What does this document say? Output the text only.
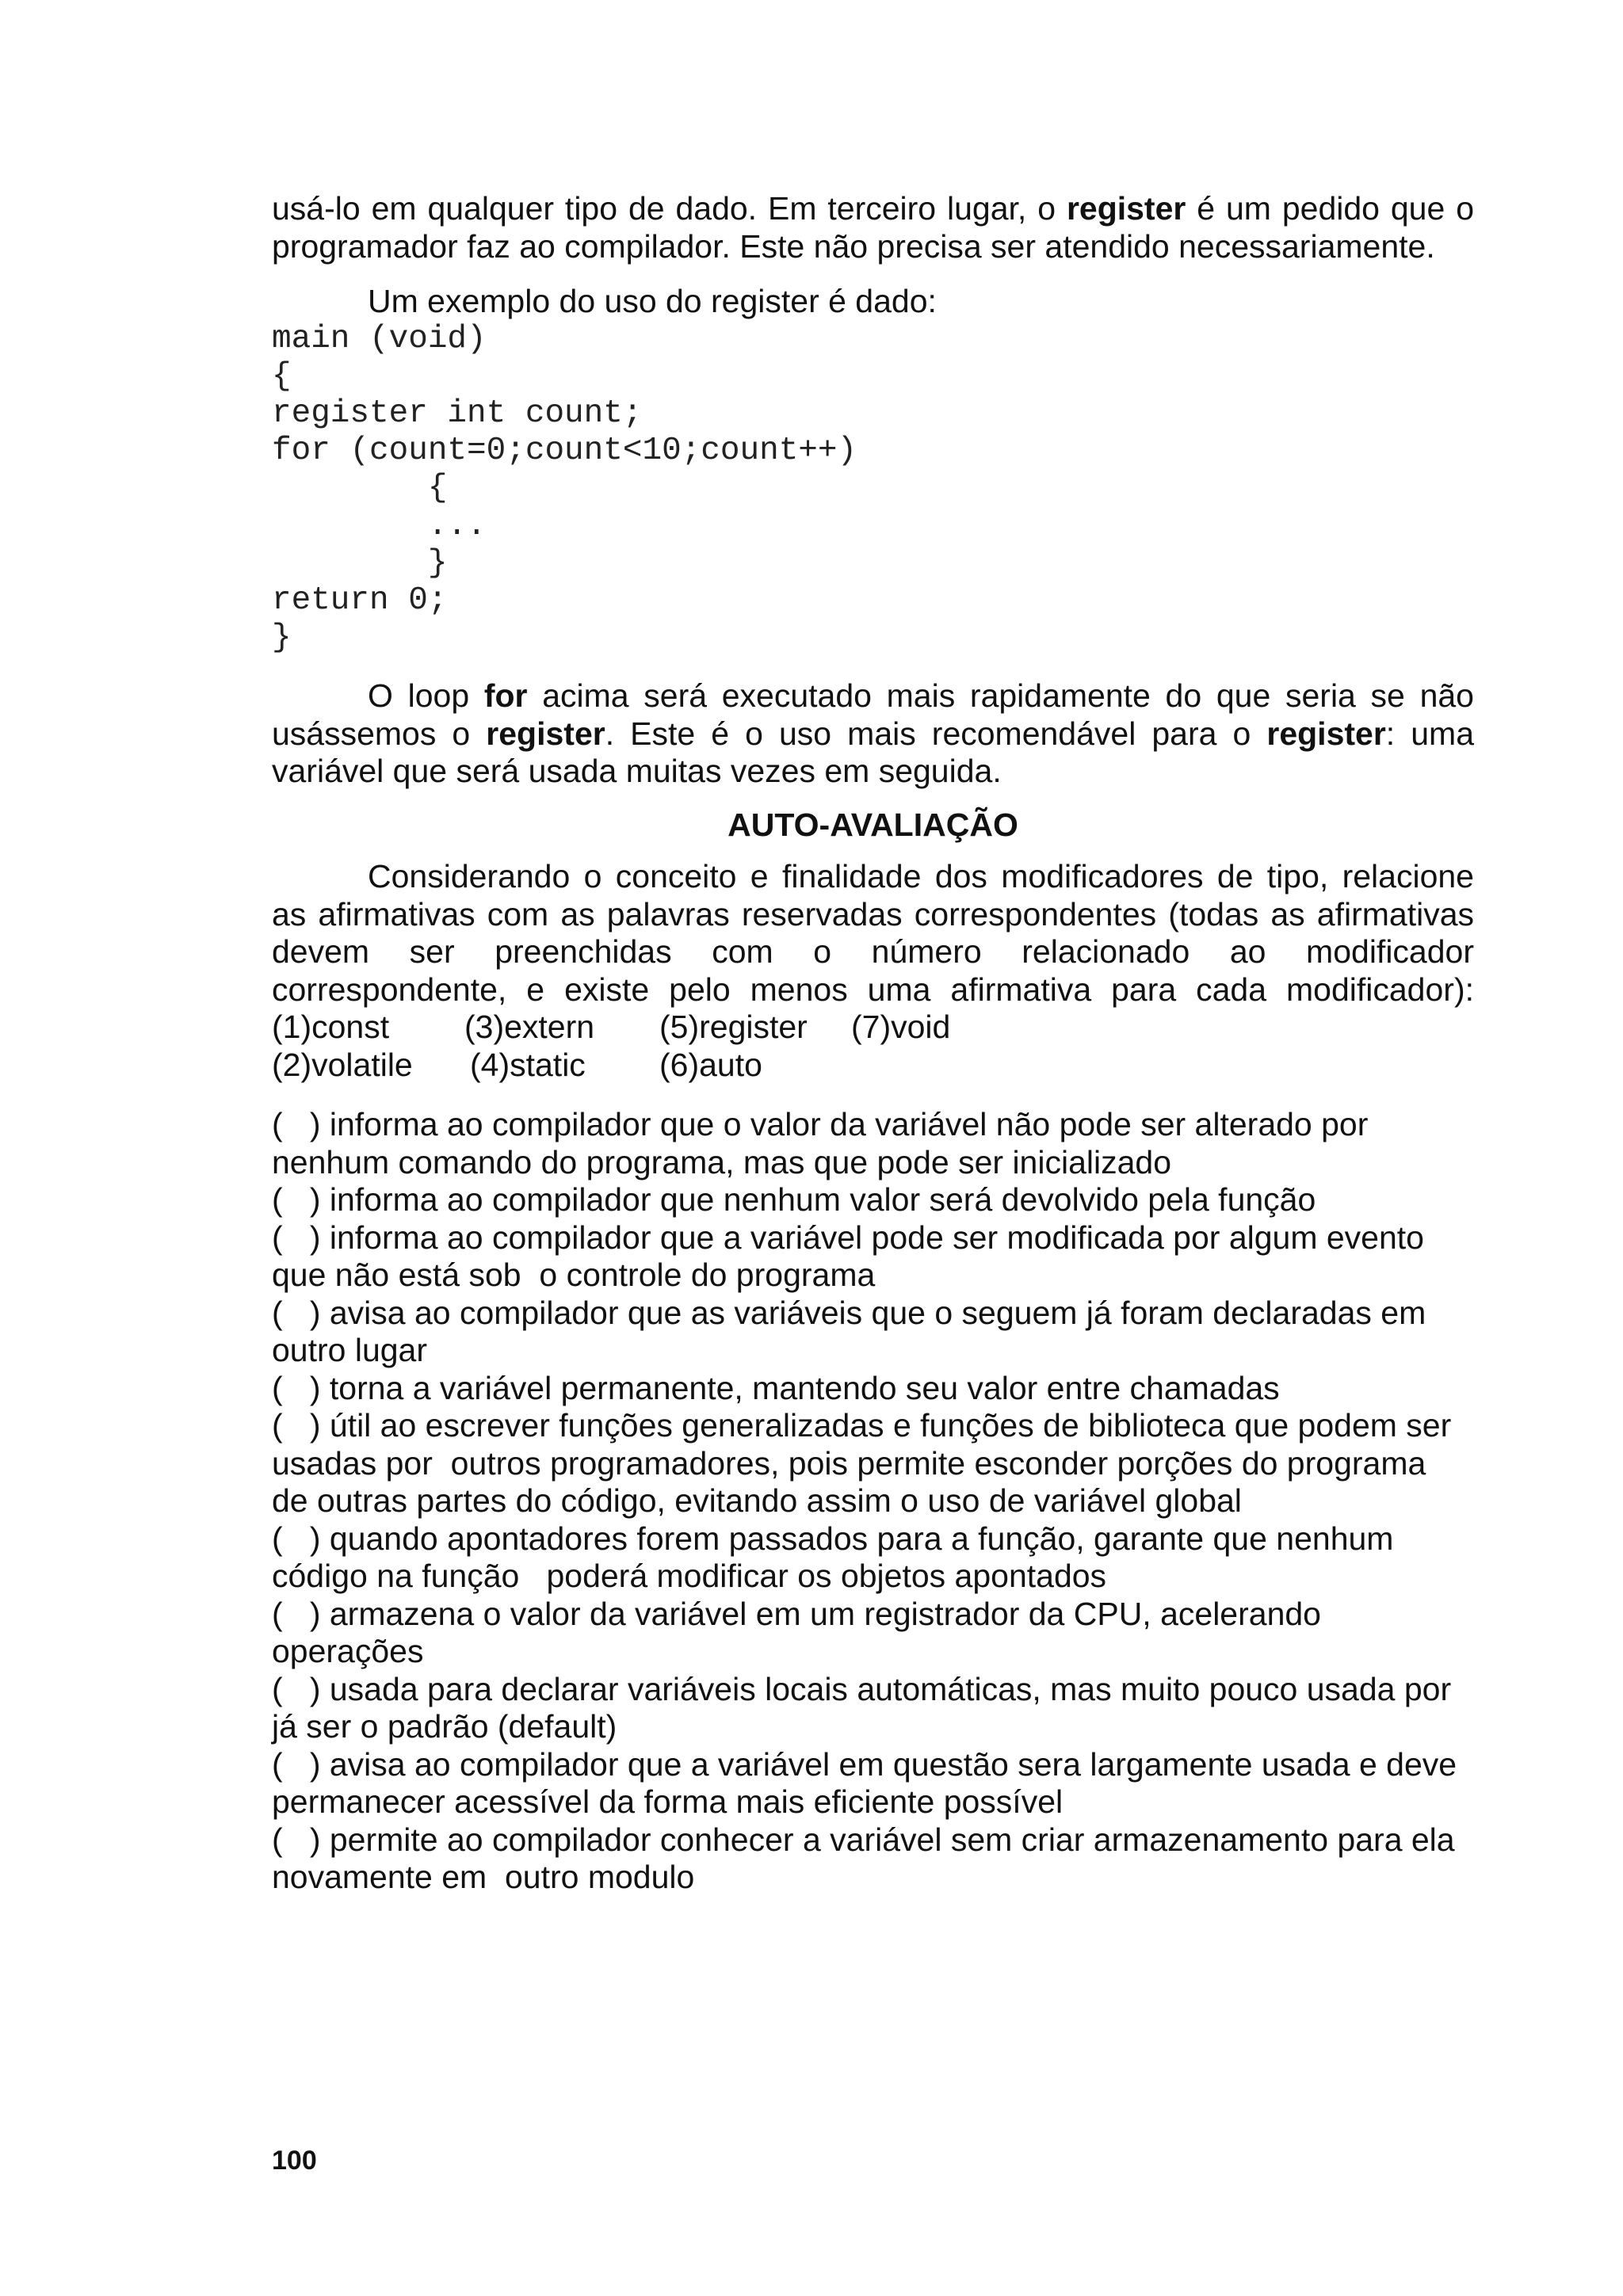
usá-lo em qualquer tipo de dado. Em terceiro lugar, o register é um pedido que o

programador faz ao compilador. Este não precisa ser atendido necessariamente.

Um exemplo do uso do register é dado:

main (void)
{
register int count;
for (count=0;count<10;count++)
{
...
}
return 0;
}

O loop for acima será executado mais rapidamente do que seria se não

usássemos o register. Este é o uso mais recomendável para o register: uma

variável que será usada muitas vezes em seguida.

AUTO-AVALIAÇÃO

Considerando o conceito e finalidade dos modificadores de tipo, relacione

as afirmativas com as palavras reservadas correspondentes (todas as afirmativas

devem ser preenchidas com o número relacionado ao modificador

correspondente, e existe pelo menos uma afirmativa para cada modificador):

(1)const	(3)extern	(5)register	(7)void
(2)volatile	(4)static	(6)auto

(   ) informa ao compilador que o valor da variável não pode ser alterado por

nenhum comando do programa, mas que pode ser inicializado

(   ) informa ao compilador que nenhum valor será devolvido pela função

(   ) informa ao compilador que a variável pode ser modificada por algum evento

que não está sob  o controle do programa

(   ) avisa ao compilador que as variáveis que o seguem já foram declaradas em

outro lugar

(   ) torna a variável permanente, mantendo seu valor entre chamadas

(   ) útil ao escrever funções generalizadas e funções de biblioteca que podem ser

usadas por  outros programadores, pois permite esconder porções do programa

de outras partes do código, evitando assim o uso de variável global

(   ) quando apontadores forem passados para a função, garante que nenhum

código na função   poderá modificar os objetos apontados

(   ) armazena o valor da variável em um registrador da CPU, acelerando

operações

(   ) usada para declarar variáveis locais automáticas, mas muito pouco usada por

já ser o padrão (default)

(   ) avisa ao compilador que a variável em questão sera largamente usada e deve

permanecer acessível da forma mais eficiente possível

(   ) permite ao compilador conhecer a variável sem criar armazenamento para ela

novamente em  outro modulo

100
